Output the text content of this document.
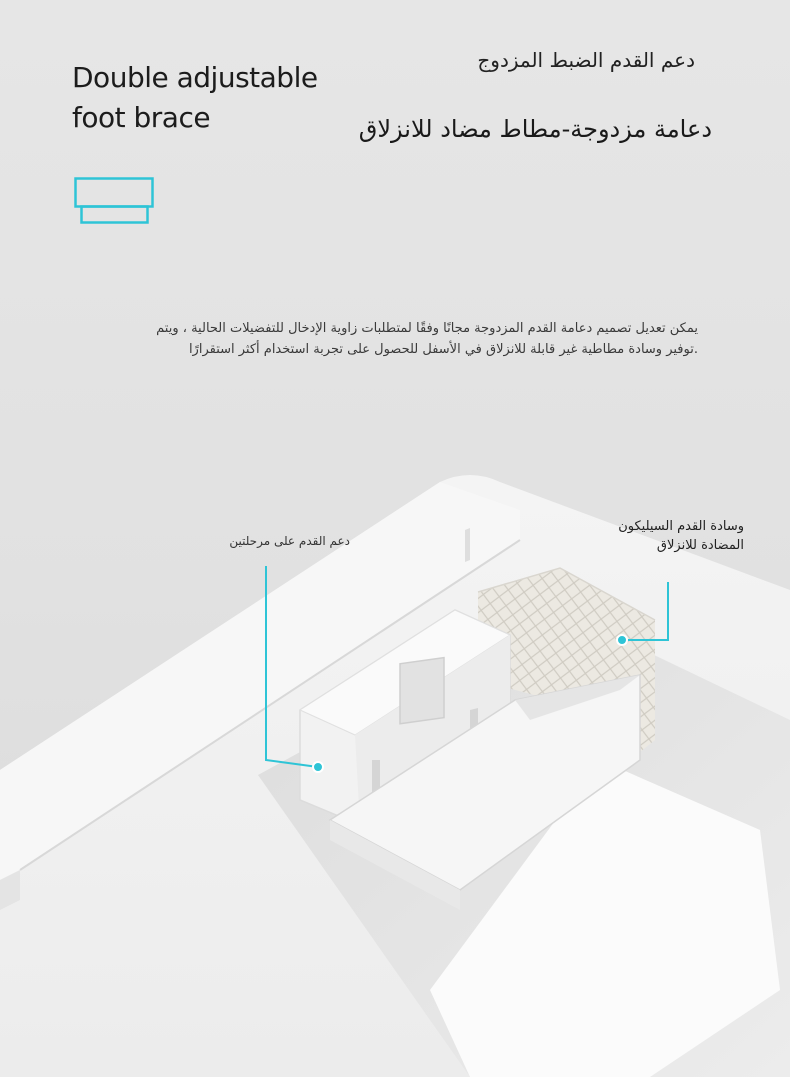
Double adjustable foot brace
دعم القدم الضبط المزدوج
دعامة مزدوجة-مطاط مضاد للانزلاق
يمكن تعديل تصميم دعامة القدم المزدوجة مجانًا وفقًا لمتطلبات زاوية الإدخال للتفضيلات الحالية ، ويتم
.توفير وسادة مطاطية غير قابلة للانزلاق في الأسفل للحصول على تجربة استخدام أكثر استقرارًا
دعم القدم على مرحلتين
وسادة القدم السيليكون
المضادة للانزلاق
